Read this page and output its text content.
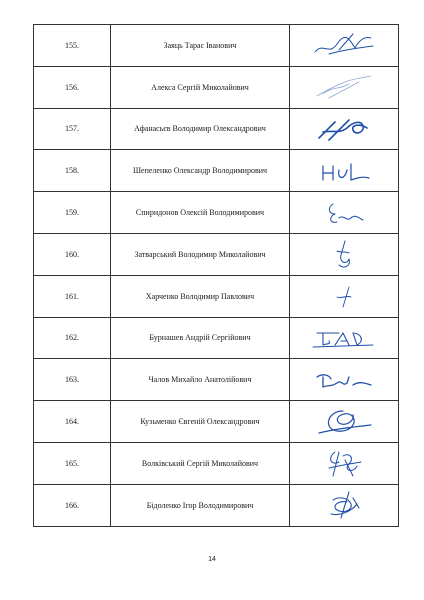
155.	Заяць Тарас Іванович	

156.	Алекса Сергій Миколайович	

157.	Афанасьєв Володимир Олександрович	

158.	Шепеленко Олександр Володимирович	

159.	Спиридонов Олексій Володимирович	

160.	Затварський Володимир Миколайович	

161.	Харченко Володимир Павлович	

162.	Бурнашев Андрій Сергійович	

163.	Чалов Михайло Анатолійович	

164.	Кузьменко Євгеній Олександрович	

165.	Волківський Сергій Миколайович	

166.	Бідоленко Ігор Володимирович	
14
